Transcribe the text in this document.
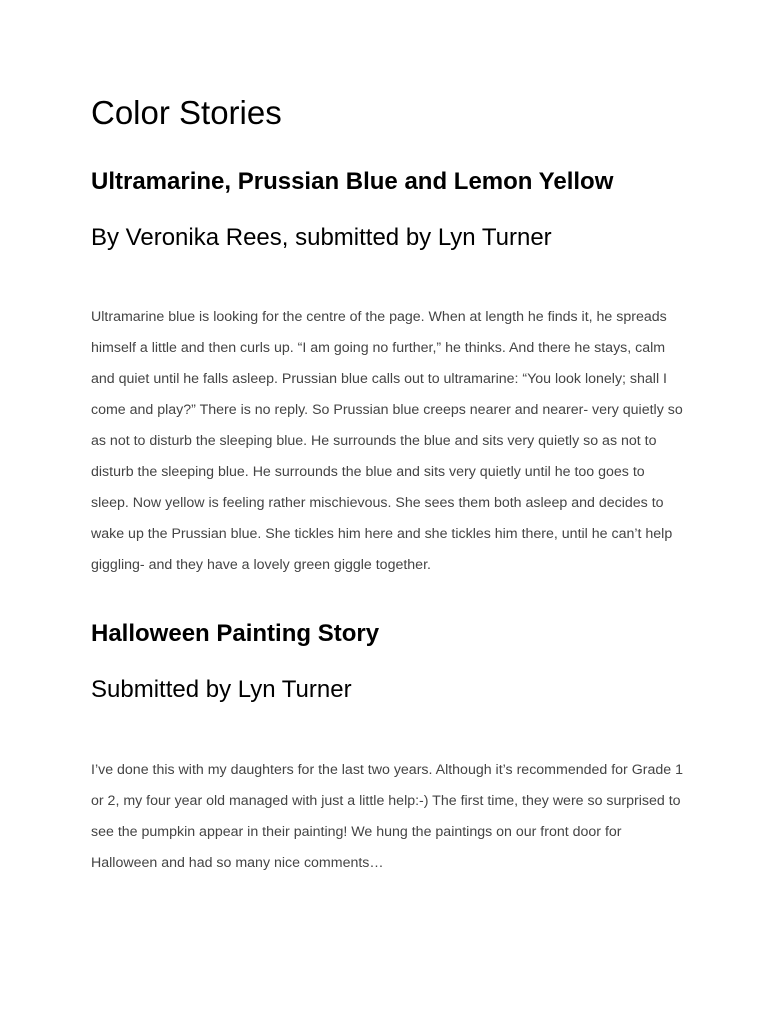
Color Stories
Ultramarine, Prussian Blue and Lemon Yellow
By Veronika Rees, submitted by Lyn Turner

Ultramarine blue is looking for the centre of the page. When at length he finds it, he spreads himself a little and then curls up. “I am going no further,” he thinks. And there he stays, calm and quiet until he falls asleep. Prussian blue calls out to ultramarine: “You look lonely; shall I come and play?” There is no reply. So Prussian blue creeps nearer and nearer- very quietly so as not to disturb the sleeping blue. He surrounds the blue and sits very quietly so as not to disturb the sleeping blue. He surrounds the blue and sits very quietly until he too goes to sleep. Now yellow is feeling rather mischievous. She sees them both asleep and decides to wake up the Prussian blue. She tickles him here and she tickles him there, until he can’t help giggling- and they have a lovely green giggle together.

Halloween Painting Story
Submitted by Lyn Turner

I’ve done this with my daughters for the last two years. Although it’s recommended for Grade 1 or 2, my four year old managed with just a little help:-) The first time, they were so surprised to see the pumpkin appear in their painting! We hung the paintings on our front door for Halloween and had so many nice comments…
